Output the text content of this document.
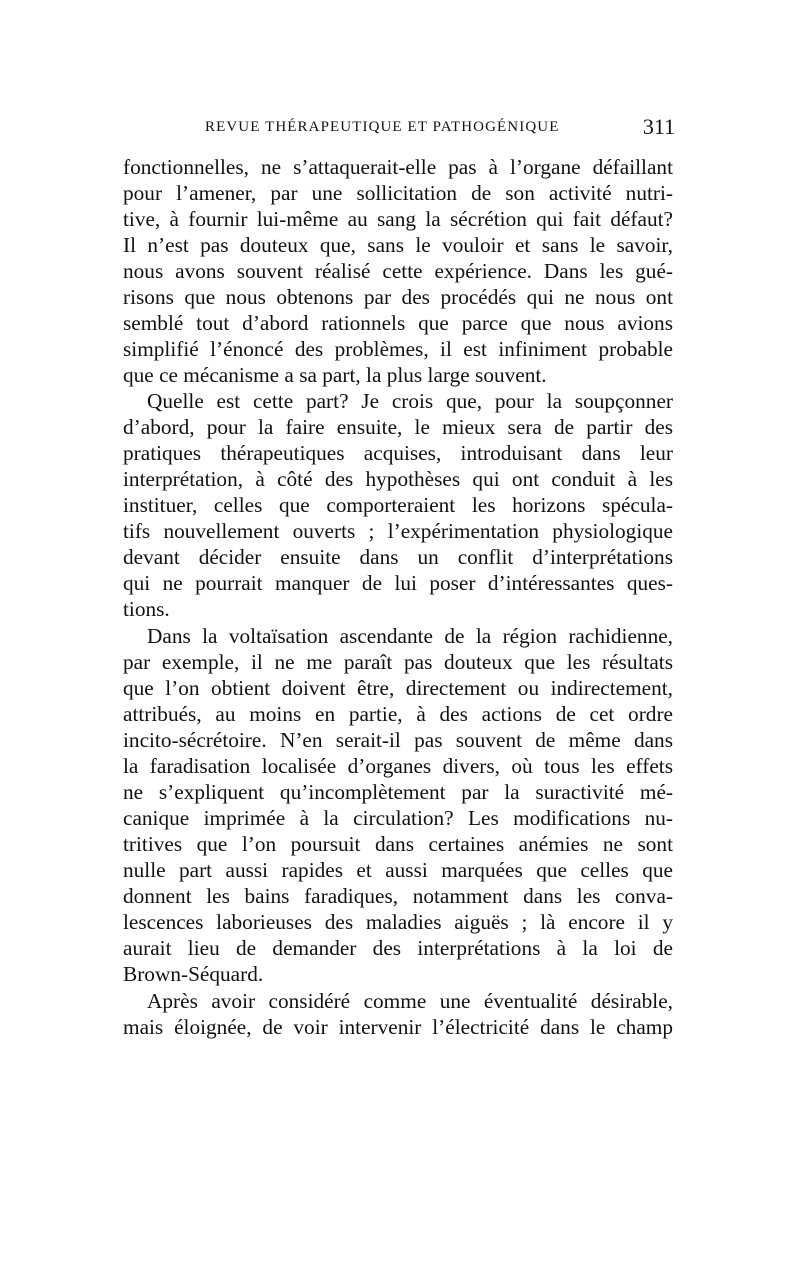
REVUE THÉRAPEUTIQUE ET PATHOGÉNIQUE	311
fonctionnelles, ne s’attaquerait-elle pas à l’organe défaillant
pour l’amener, par une sollicitation de son activité nutri-
tive, à fournir lui-même au sang la sécrétion qui fait défaut?
Il n’est pas douteux que, sans le vouloir et sans le savoir,
nous avons souvent réalisé cette expérience. Dans les gué-
risons que nous obtenons par des procédés qui ne nous ont
semblé tout d’abord rationnels que parce que nous avions
simplifié l’énoncé des problèmes, il est infiniment probable
que ce mécanisme a sa part, la plus large souvent.
Quelle est cette part? Je crois que, pour la soupçonner
d’abord, pour la faire ensuite, le mieux sera de partir des
pratiques thérapeutiques acquises, introduisant dans leur
interprétation, à côté des hypothèses qui ont conduit à les
instituer, celles que comporteraient les horizons spécula-
tifs nouvellement ouverts ; l’expérimentation physiologique
devant décider ensuite dans un conflit d’interprétations
qui ne pourrait manquer de lui poser d’intéressantes ques-
tions.
Dans la voltaïsation ascendante de la région rachidienne,
par exemple, il ne me paraît pas douteux que les résultats
que l’on obtient doivent être, directement ou indirectement,
attribués, au moins en partie, à des actions de cet ordre
incito-sécrétoire. N’en serait-il pas souvent de même dans
la faradisation localisée d’organes divers, où tous les effets
ne s’expliquent qu’incomplètement par la suractivité mé-
canique imprimée à la circulation? Les modifications nu-
tritives que l’on poursuit dans certaines anémies ne sont
nulle part aussi rapides et aussi marquées que celles que
donnent les bains faradiques, notamment dans les conva-
lescences laborieuses des maladies aiguës ; là encore il y
aurait lieu de demander des interprétations à la loi de
Brown-Séquard.
Après avoir considéré comme une éventualité désirable,
mais éloignée, de voir intervenir l’électricité dans le champ
